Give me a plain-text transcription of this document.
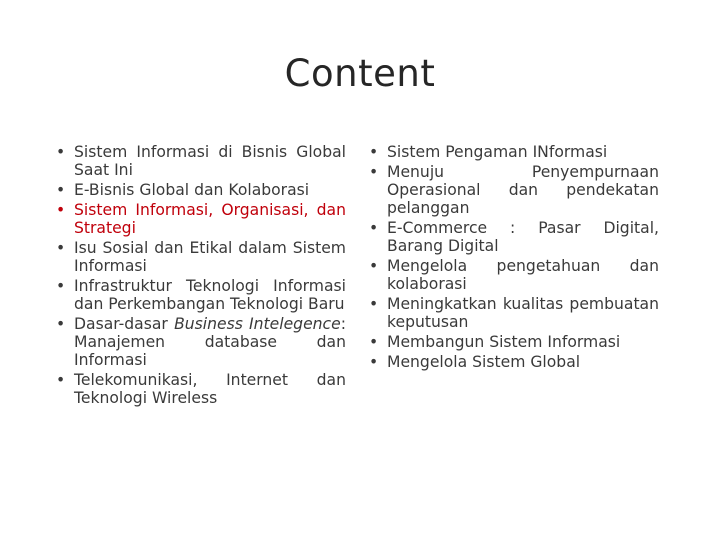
Content
• Sistem Informasi di Bisnis Global Saat Ini
• E-Bisnis Global dan Kolaborasi
• Sistem Informasi, Organisasi, dan Strategi
• Isu Sosial dan Etikal dalam Sistem Informasi
• Infrastruktur Teknologi Informasi dan Perkembangan Teknologi Baru
• Dasar-dasar Business Intelegence: Manajemen database dan Informasi
• Telekomunikasi, Internet dan Teknologi Wireless
• Sistem Pengaman INformasi
• Menuju Penyempurnaan Operasional dan pendekatan pelanggan
• E-Commerce : Pasar Digital, Barang Digital
• Mengelola pengetahuan dan kolaborasi
• Meningkatkan kualitas pembuatan keputusan
• Membangun Sistem Informasi
• Mengelola Sistem Global
